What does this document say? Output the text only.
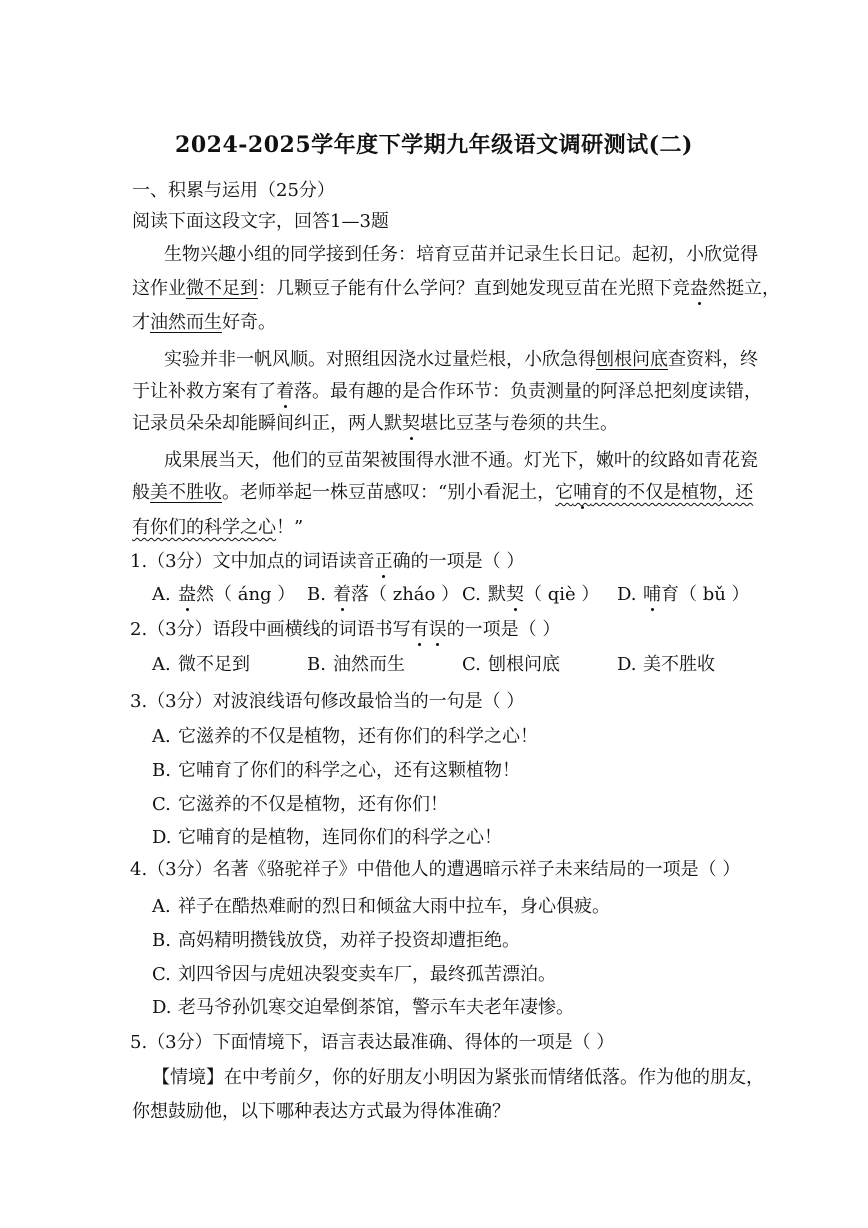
2024-2025学年度下学期九年级语文调研测试(二)
一、积累与运用（25分）
阅读下面这段文字，回答1—3题
生物兴趣小组的同学接到任务：培育豆苗并记录生长日记。起初，小欣觉得
这作业微不足到：几颗豆子能有什么学问？直到她发现豆苗在光照下竞盎然挺立，
才油然而生好奇。
实验并非一帆风顺。对照组因浇水过量烂根，小欣急得刨根问底查资料，终
于让补救方案有了着落。最有趣的是合作环节：负责测量的阿泽总把刻度读错，
记录员朵朵却能瞬间纠正，两人默契堪比豆茎与卷须的共生。
成果展当天，他们的豆苗架被围得水泄不通。灯光下，嫩叶的纹路如青花瓷
般美不胜收。老师举起一株豆苗感叹：“别小看泥土，它哺育的不仅是植物，还
有你们的科学之心！”
1.（3分）文中加点的词语读音正确的一项是（ ）
A. 盎然（ áng ） B. 着落（ zháo ） C. 默契（ qiè ） D. 哺育（ bǔ ）
2.（3分）语段中画横线的词语书写有误的一项是（ ）
A. 微不足到	B. 油然而生	C. 刨根问底	D. 美不胜收
3.（3分）对波浪线语句修改最恰当的一句是（ ）
A. 它滋养的不仅是植物，还有你们的科学之心！
B. 它哺育了你们的科学之心，还有这颗植物！
C. 它滋养的不仅是植物，还有你们！
D. 它哺育的是植物，连同你们的科学之心！
4.（3分）名著《骆驼祥子》中借他人的遭遇暗示祥子未来结局的一项是（ ）
A. 祥子在酷热难耐的烈日和倾盆大雨中拉车，身心俱疲。
B. 高妈精明攒钱放贷，劝祥子投资却遭拒绝。
C. 刘四爷因与虎妞决裂变卖车厂，最终孤苦漂泊。
D. 老马爷孙饥寒交迫晕倒茶馆，警示车夫老年凄惨。
5.（3分）下面情境下，语言表达最准确、得体的一项是（ ）
【情境】在中考前夕，你的好朋友小明因为紧张而情绪低落。作为他的朋友，
你想鼓励他，以下哪种表达方式最为得体准确？
